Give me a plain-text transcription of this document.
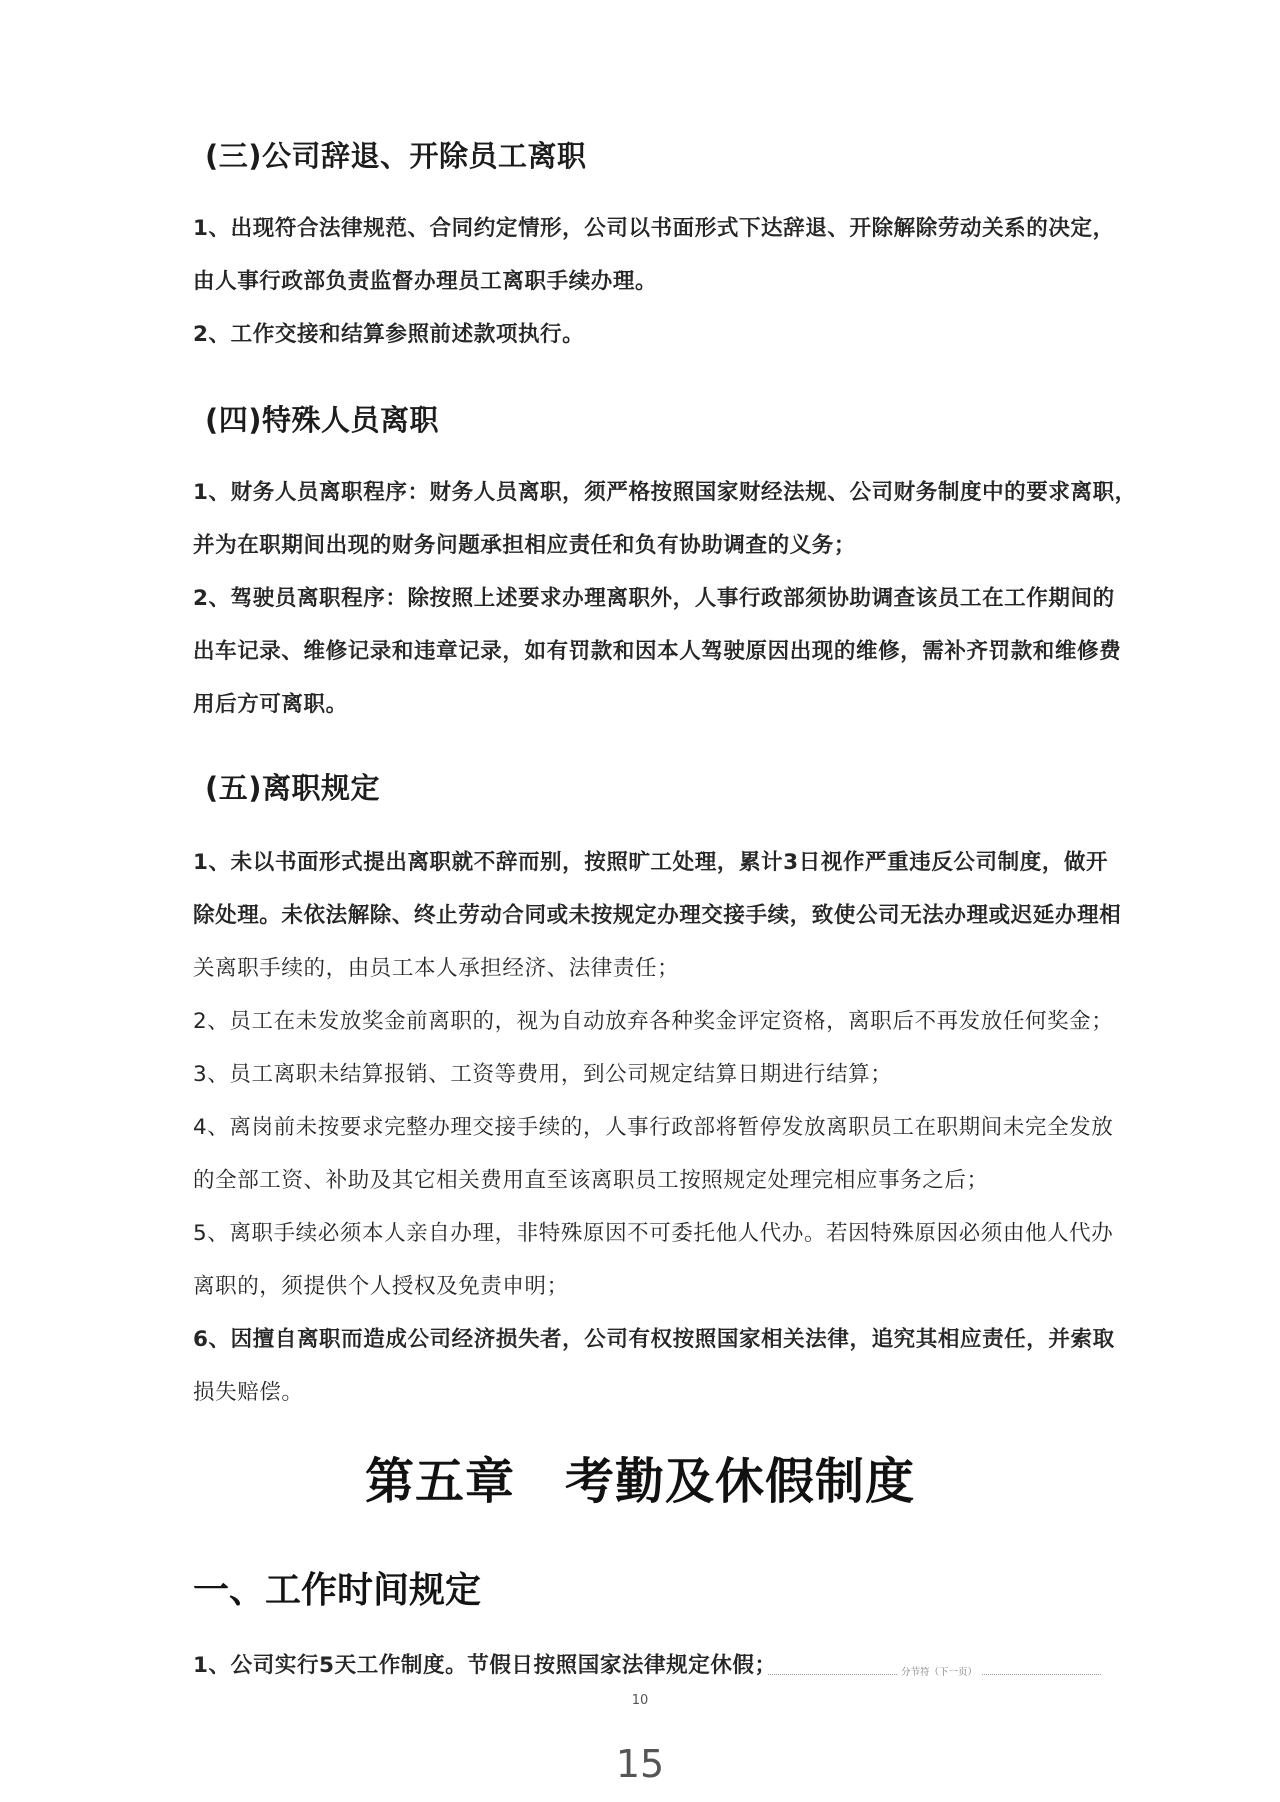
(三)公司辞退、开除员工离职
1、出现符合法律规范、合同约定情形，公司以书面形式下达辞退、开除解除劳动关系的决定，
由人事行政部负责监督办理员工离职手续办理。
2、工作交接和结算参照前述款项执行。
(四)特殊人员离职
1、财务人员离职程序：财务人员离职，须严格按照国家财经法规、公司财务制度中的要求离职，
并为在职期间出现的财务问题承担相应责任和负有协助调查的义务；
2、驾驶员离职程序：除按照上述要求办理离职外，人事行政部须协助调查该员工在工作期间的
出车记录、维修记录和违章记录，如有罚款和因本人驾驶原因出现的维修，需补齐罚款和维修费
用后方可离职。
(五)离职规定
1、未以书面形式提出离职就不辞而别，按照旷工处理，累计3日视作严重违反公司制度，做开
除处理。未依法解除、终止劳动合同或未按规定办理交接手续，致使公司无法办理或迟延办理相
关离职手续的，由员工本人承担经济、法律责任；
2、员工在未发放奖金前离职的，视为自动放弃各种奖金评定资格，离职后不再发放任何奖金；
3、员工离职未结算报销、工资等费用，到公司规定结算日期进行结算；
4、离岗前未按要求完整办理交接手续的，人事行政部将暂停发放离职员工在职期间未完全发放
的全部工资、补助及其它相关费用直至该离职员工按照规定处理完相应事务之后；
5、离职手续必须本人亲自办理，非特殊原因不可委托他人代办。若因特殊原因必须由他人代办
离职的，须提供个人授权及免责申明；
6、因擅自离职而造成公司经济损失者，公司有权按照国家相关法律，追究其相应责任，并索取
损失赔偿。
第五章　考勤及休假制度
一、工作时间规定
1、公司实行5天工作制度。节假日按照国家法律规定休假；	分节符（下一页）
10
15
